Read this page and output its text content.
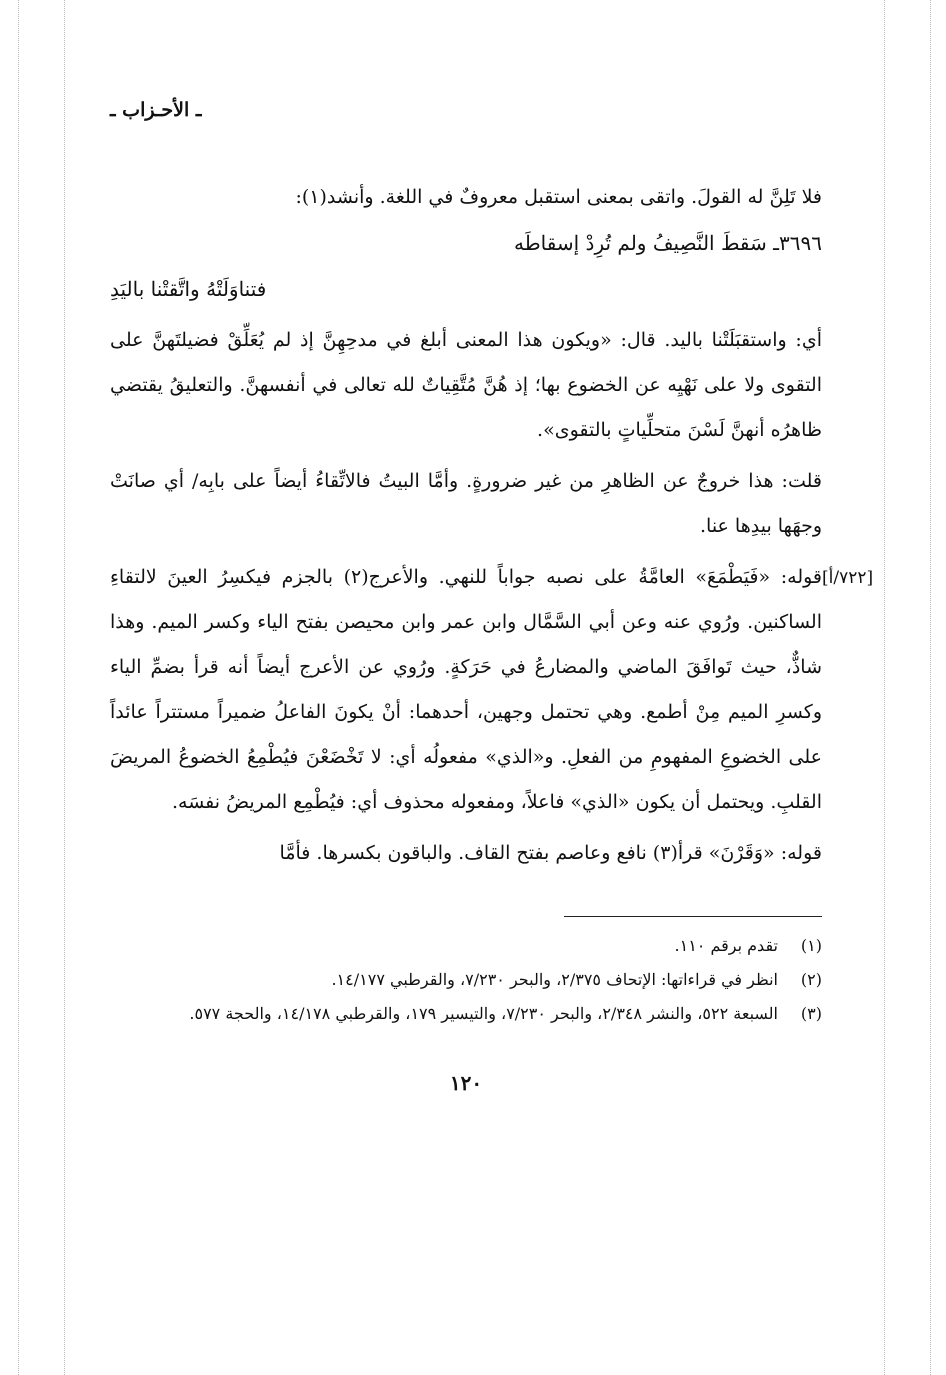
ـ الأحـزاب ـ

فلا تَلِنَّ له القولَ. واتقى بمعنى استقبل معروفٌ في اللغة. وأنشد(١):

٣٦٩٦ـ سَقطَ النَّصِيفُ ولم تُرِدْ إسقاطَه

فتناوَلَتْهُ واتَّقتْنا باليَدِ

أي: واستقبَلَتْنا باليد. قال: «ويكون هذا المعنى أبلغ في مدحِهِنَّ إذ لم يُعَلِّقْ فضيلتَهنَّ على التقوى ولا على نَهْيِه عن الخضوع بها؛ إذ هُنَّ مُتَّقِياتٌ لله تعالى في أنفسهنَّ. والتعليقُ يقتضي ظاهرُه أنهنَّ لَسْنَ متحلِّياتٍ بالتقوى».

قلت: هذا خروجٌ عن الظاهرِ من غير ضرورةٍ. وأمَّا البيتُ فالاتِّقاءُ أيضاً على بابِه/ أي صانَتْ وجهَها بيدِها عنا.

قوله: «فَيَطْمَعَ» العامَّةُ على نصبه جواباً للنهي. والأعرج(٢) بالجزم فيكسِرُ العينَ لالتقاءِ الساكنين. ورُوي عنه وعن أبي السَّمَّال وابن عمر وابن محيصن بفتح الياء وكسر الميم. وهذا شاذٌّ، حيث تَوافَقَ الماضي والمضارعُ في حَرَكةٍ. ورُوي عن الأعرج أيضاً أنه قرأ بضمِّ الياء وكسرِ الميم مِنْ أطمع. وهي تحتمل وجهين، أحدهما: أنْ يكونَ الفاعلُ ضميراً مستتراً عائداً على الخضوعِ المفهومِ من الفعلِ. و«الذي» مفعولُه أي: لا تَخْضَعْنَ فيُطْمِعُ الخضوعُ المريضَ القلبِ. ويحتمل أن يكون «الذي» فاعلاً، ومفعوله محذوف أي: فيُطْمِع المريضُ نفسَه.

قوله: «وَقَرْنَ» قرأ(٣) نافع وعاصم بفتح القاف. والباقون بكسرها. فأمَّا

(١)
تقدم برقم ١١٠.
(٢)
انظر في قراءاتها: الإتحاف ٢/٣٧٥، والبحر ٧/٢٣٠، والقرطبي ١٤/١٧٧.
(٣)
السبعة ٥٢٢، والنشر ٢/٣٤٨، والبحر ٧/٢٣٠، والتيسير ١٧٩، والقرطبي ١٤/١٧٨، والحجة ٥٧٧.
١٢٠
[٧٢٢/أ]
